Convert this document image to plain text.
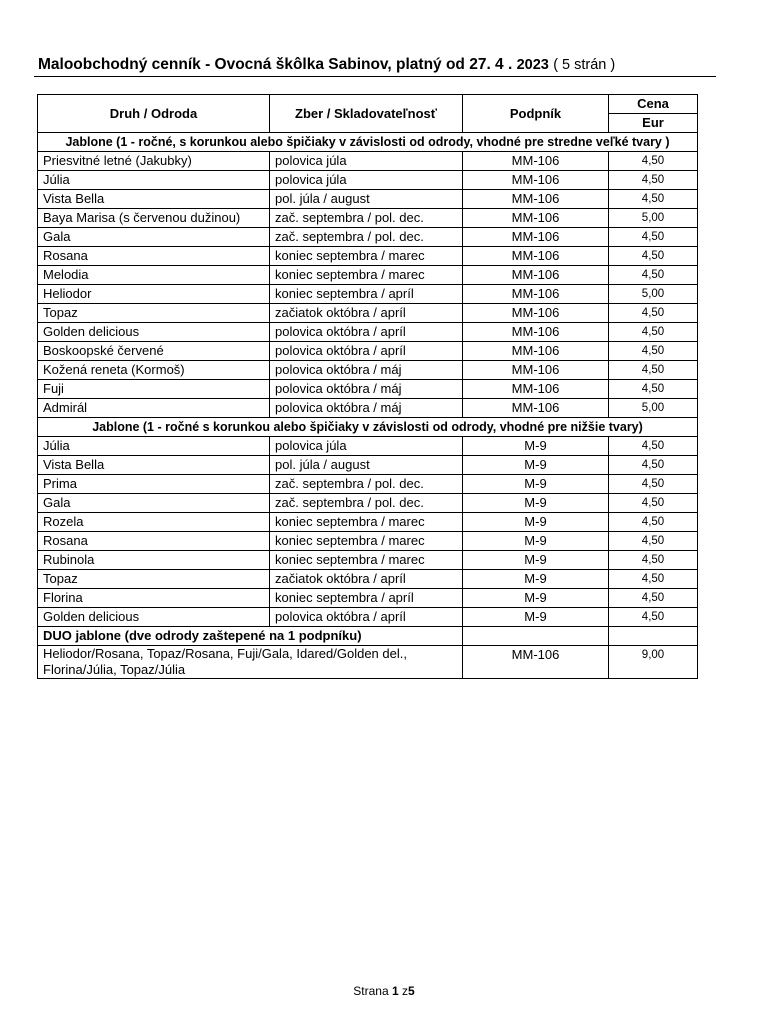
Maloobchodný cenník - Ovocná škôlka Sabinov, platný od 27. 4 . 2023 ( 5 strán )
Druh / Odroda	Zber / Skladovateľnosť	Podpník	Cena
			Eur
Jablone (1 - ročné, s korunkou alebo špičiaky v závislosti od odrody, vhodné pre stredne veľké tvary )			
Priesvitné letné (Jakubky)	polovica júla	MM-106	4,50
Júlia	polovica júla	MM-106	4,50
Vista Bella	pol. júla / august	MM-106	4,50
Baya Marisa (s červenou dužinou)	zač. septembra / pol. dec.	MM-106	5,00
Gala	zač. septembra / pol. dec.	MM-106	4,50
Rosana	koniec septembra / marec	MM-106	4,50
Melodia	koniec septembra / marec	MM-106	4,50
Heliodor	koniec septembra / apríl	MM-106	5,00
Topaz	začiatok októbra / apríl	MM-106	4,50
Golden delicious	polovica októbra / apríl	MM-106	4,50
Boskoopské červené	polovica októbra / apríl	MM-106	4,50
Kožená reneta (Kormoš)	polovica októbra / máj	MM-106	4,50
Fuji	polovica októbra / máj	MM-106	4,50
Admirál	polovica októbra / máj	MM-106	5,00
Jablone (1 - ročné s korunkou alebo špičiaky v závislosti od odrody, vhodné pre nižšie tvary)			
Júlia	polovica júla	M-9	4,50
Vista Bella	pol. júla / august	M-9	4,50
Prima	zač. septembra / pol. dec.	M-9	4,50
Gala	zač. septembra / pol. dec.	M-9	4,50
Rozela	koniec septembra / marec	M-9	4,50
Rosana	koniec septembra / marec	M-9	4,50
Rubinola	koniec septembra / marec	M-9	4,50
Topaz	začiatok októbra / apríl	M-9	4,50
Florina	koniec septembra / apríl	M-9	4,50
Golden delicious	polovica októbra / apríl	M-9	4,50
DUO jablone (dve odrody zaštepené na 1 podpníku)			
Heliodor/Rosana, Topaz/Rosana, Fuji/Gala, Idared/Golden del.,
Florina/Júlia, Topaz/Júlia		MM-106	9,00
Strana 1 z5
